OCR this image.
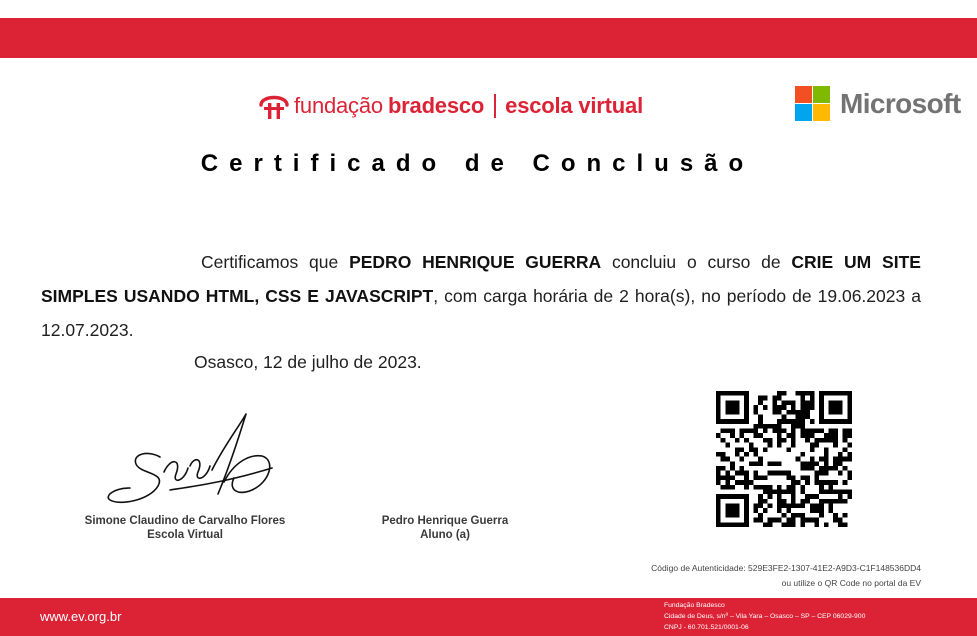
fundação bradesco escola virtual	Microsoft
Certificado de Conclusão
Certificamos que PEDRO HENRIQUE GUERRA concluiu o curso de CRIE UM SITE SIMPLES USANDO HTML, CSS E JAVASCRIPT, com carga horária de 2 hora(s), no período de 19.06.2023 a 12.07.2023.
Osasco, 12 de julho de 2023.
Simone Claudino de Carvalho Flores
Escola Virtual
Pedro Henrique Guerra
Aluno (a)
Código de Autenticidade: 529E3FE2-1307-41E2-A9D3-C1F148536DD4
ou utilize o QR Code no portal da EV
www.ev.org.br
Fundação Bradesco
Cidade de Deus, s/nº – Vila Yara – Osasco – SP – CEP 06029-900
CNPJ - 60.701.521/0001-06
